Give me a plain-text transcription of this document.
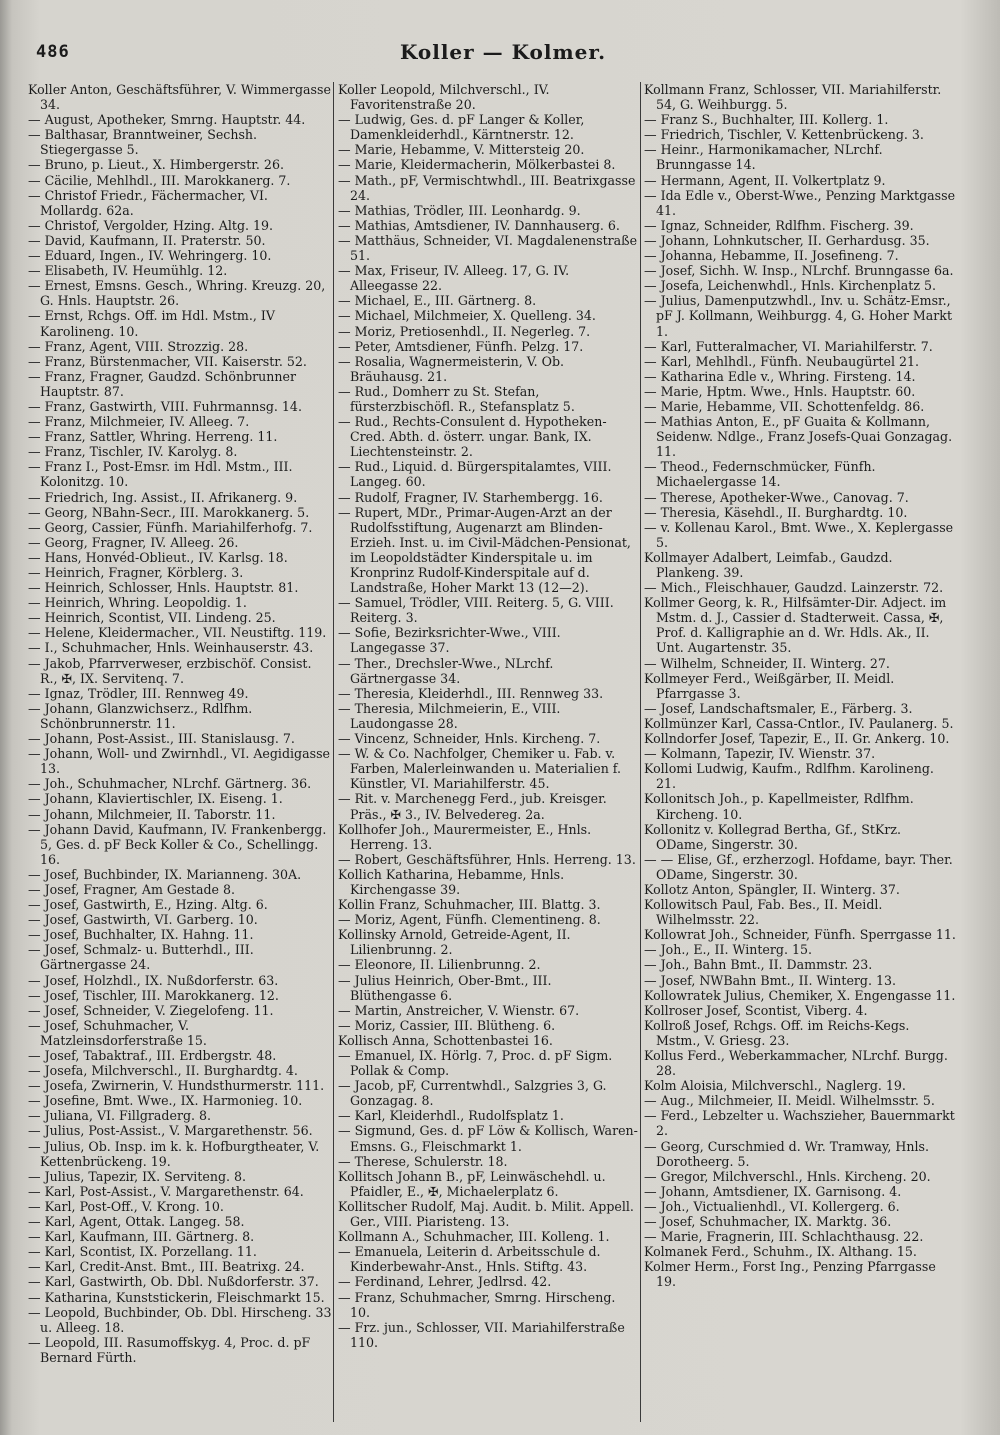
486	Koller — Kolmer.

Koller Anton, Geschäftsführer, V. Wimmergasse 34.

— August, Apotheker, Smrng. Hauptstr. 44.

— Balthasar, Branntweiner, Sechsh. Stiegergasse 5.

— Bruno, p. Lieut., X. Himbergerstr. 26.

— Cäcilie, Mehlhdl., III. Marokkanerg. 7.

— Christof Friedr., Fächermacher, VI. Mollardg. 62a.

— Christof, Vergolder, Hzing. Altg. 19.

— David, Kaufmann, II. Praterstr. 50.

— Eduard, Ingen., IV. Wehringerg. 10.

— Elisabeth, IV. Heumühlg. 12.

— Ernest, Emsns. Gesch., Whring. Kreuzg. 20, G. Hnls. Hauptstr. 26.

— Ernst, Rchgs. Off. im Hdl. Mstm., IV Karolineng. 10.

— Franz, Agent, VIII. Strozzig. 28.

— Franz, Bürstenmacher, VII. Kaiserstr. 52.

— Franz, Fragner, Gaudzd. Schönbrunner Hauptstr. 87.

— Franz, Gastwirth, VIII. Fuhrmannsg. 14.

— Franz, Milchmeier, IV. Alleeg. 7.

— Franz, Sattler, Whring. Herreng. 11.

— Franz, Tischler, IV. Karolyg. 8.

— Franz I., Post-Emsr. im Hdl. Mstm., III. Kolonitzg. 10.

— Friedrich, Ing. Assist., II. Afrikanerg. 9.

— Georg, NBahn-Secr., III. Marokkanerg. 5.

— Georg, Cassier, Fünfh. Mariahilferhofg. 7.

— Georg, Fragner, IV. Alleeg. 26.

— Hans, Honvéd-Oblieut., IV. Karlsg. 18.

— Heinrich, Fragner, Körblerg. 3.

— Heinrich, Schlosser, Hnls. Hauptstr. 81.

— Heinrich, Whring. Leopoldig. 1.

— Heinrich, Scontist, VII. Lindeng. 25.

— Helene, Kleidermacher., VII. Neustiftg. 119.

— I., Schuhmacher, Hnls. Weinhauserstr. 43.

— Jakob, Pfarrverweser, erzbischöf. Consist. R., ✠, IX. Servitenq. 7.

— Ignaz, Trödler, III. Rennweg 49.

— Johann, Glanzwichserz., Rdlfhm. Schönbrunnerstr. 11.

— Johann, Post-Assist., III. Stanislausg. 7.

— Johann, Woll- und Zwirnhdl., VI. Aegidigasse 13.

— Joh., Schuhmacher, NLrchf. Gärtnerg. 36.

— Johann, Klaviertischler, IX. Eiseng. 1.

— Johann, Milchmeier, II. Taborstr. 11.

— Johann David, Kaufmann, IV. Frankenbergg. 5, Ges. d. pF Beck Koller & Co., Schellingg. 16.

— Josef, Buchbinder, IX. Marianneng. 30A.

— Josef, Fragner, Am Gestade 8.

— Josef, Gastwirth, E., Hzing. Altg. 6.

— Josef, Gastwirth, VI. Garberg. 10.

— Josef, Buchhalter, IX. Hahng. 11.

— Josef, Schmalz- u. Butterhdl., III. Gärtnergasse 24.

— Josef, Holzhdl., IX. Nußdorferstr. 63.

— Josef, Tischler, III. Marokkanerg. 12.

— Josef, Schneider, V. Ziegelofeng. 11.

— Josef, Schuhmacher, V. Matzleinsdorferstraße 15.

— Josef, Tabaktraf., III. Erdbergstr. 48.

— Josefa, Milchverschl., II. Burghardtg. 4.

— Josefa, Zwirnerin, V. Hundsthurmerstr. 111.

— Josefine, Bmt. Wwe., IX. Harmonieg. 10.

— Juliana, VI. Fillgraderg. 8.

— Julius, Post-Assist., V. Margarethenstr. 56.

— Julius, Ob. Insp. im k. k. Hofburgtheater, V. Kettenbrückeng. 19.

— Julius, Tapezir, IX. Serviteng. 8.

— Karl, Post-Assist., V. Margarethenstr. 64.

— Karl, Post-Off., V. Krong. 10.

— Karl, Agent, Ottak. Langeg. 58.

— Karl, Kaufmann, III. Gärtnerg. 8.

— Karl, Scontist, IX. Porzellang. 11.

— Karl, Credit-Anst. Bmt., III. Beatrixg. 24.

— Karl, Gastwirth, Ob. Dbl. Nußdorferstr. 37.

— Katharina, Kunststickerin, Fleischmarkt 15.

— Leopold, Buchbinder, Ob. Dbl. Hirscheng. 33 u. Alleeg. 18.

— Leopold, III. Rasumoffskyg. 4, Proc. d. pF Bernard Fürth.

Koller Leopold, Milchverschl., IV. Favoritenstraße 20.

— Ludwig, Ges. d. pF Langer & Koller, Damenkleiderhdl., Kärntnerstr. 12.

— Marie, Hebamme, V. Mittersteig 20.

— Marie, Kleidermacherin, Mölkerbastei 8.

— Math., pF, Vermischtwhdl., III. Beatrixgasse 24.

— Mathias, Trödler, III. Leonhardg. 9.

— Mathias, Amtsdiener, IV. Dannhauserg. 6.

— Matthäus, Schneider, VI. Magdalenenstraße 51.

— Max, Friseur, IV. Alleeg. 17, G. IV. Alleegasse 22.

— Michael, E., III. Gärtnerg. 8.

— Michael, Milchmeier, X. Quelleng. 34.

— Moriz, Pretiosenhdl., II. Negerleg. 7.

— Peter, Amtsdiener, Fünfh. Pelzg. 17.

— Rosalia, Wagnermeisterin, V. Ob. Bräuhausg. 21.

— Rud., Domherr zu St. Stefan, fürsterzbischöfl. R., Stefansplatz 5.

— Rud., Rechts-Consulent d. Hypotheken-Cred. Abth. d. österr. ungar. Bank, IX. Liechtensteinstr. 2.

— Rud., Liquid. d. Bürgerspitalamtes, VIII. Langeg. 60.

— Rudolf, Fragner, IV. Starhembergg. 16.

— Rupert, MDr., Primar-Augen-Arzt an der Rudolfsstiftung, Augenarzt am Blinden-Erzieh. Inst. u. im Civil-Mädchen-Pensionat, im Leopoldstädter Kinderspitale u. im Kronprinz Rudolf-Kinderspitale auf d. Landstraße, Hoher Markt 13 (12—2).

— Samuel, Trödler, VIII. Reiterg. 5, G. VIII. Reiterg. 3.

— Sofie, Bezirksrichter-Wwe., VIII. Langegasse 37.

— Ther., Drechsler-Wwe., NLrchf. Gärtnergasse 34.

— Theresia, Kleiderhdl., III. Rennweg 33.

— Theresia, Milchmeierin, E., VIII. Laudongasse 28.

— Vincenz, Schneider, Hnls. Kircheng. 7.

— W. & Co. Nachfolger, Chemiker u. Fab. v. Farben, Malerleinwanden u. Materialien f. Künstler, VI. Mariahilferstr. 45.

— Rit. v. Marchenegg Ferd., jub. Kreisger. Präs., ✠ 3., IV. Belvedereg. 2a.

Kollhofer Joh., Maurermeister, E., Hnls. Herreng. 13.

— Robert, Geschäftsführer, Hnls. Herreng. 13.

Kollich Katharina, Hebamme, Hnls. Kirchengasse 39.

Kollin Franz, Schuhmacher, III. Blattg. 3.

— Moriz, Agent, Fünfh. Clementineng. 8.

Kollinsky Arnold, Getreide-Agent, II. Lilienbrunng. 2.

— Eleonore, II. Lilienbrunng. 2.

— Julius Heinrich, Ober-Bmt., III. Blüthengasse 6.

— Martin, Anstreicher, V. Wienstr. 67.

— Moriz, Cassier, III. Blütheng. 6.

Kollisch Anna, Schottenbastei 16.

— Emanuel, IX. Hörlg. 7, Proc. d. pF Sigm. Pollak & Comp.

— Jacob, pF, Currentwhdl., Salzgries 3, G. Gonzagag. 8.

— Karl, Kleiderhdl., Rudolfsplatz 1.

— Sigmund, Ges. d. pF Löw & Kollisch, Waren-Emsns. G., Fleischmarkt 1.

— Therese, Schulerstr. 18.

Kollitsch Johann B., pF, Leinwäschehdl. u. Pfaidler, E., ✠, Michaelerplatz 6.

Kollitscher Rudolf, Maj. Audit. b. Milit. Appell. Ger., VIII. Piaristeng. 13.

Kollmann A., Schuhmacher, III. Kolleng. 1.

— Emanuela, Leiterin d. Arbeitsschule d. Kinderbewahr-Anst., Hnls. Stiftg. 43.

— Ferdinand, Lehrer, Jedlrsd. 42.

— Franz, Schuhmacher, Smrng. Hirscheng. 10.

— Frz. jun., Schlosser, VII. Mariahilferstraße 110.

Kollmann Franz, Schlosser, VII. Mariahilferstr. 54, G. Weihburgg. 5.

— Franz S., Buchhalter, III. Kollerg. 1.

— Friedrich, Tischler, V. Kettenbrückeng. 3.

— Heinr., Harmonikamacher, NLrchf. Brunngasse 14.

— Hermann, Agent, II. Volkertplatz 9.

— Ida Edle v., Oberst-Wwe., Penzing Marktgasse 41.

— Ignaz, Schneider, Rdlfhm. Fischerg. 39.

— Johann, Lohnkutscher, II. Gerhardusg. 35.

— Johanna, Hebamme, II. Josefineng. 7.

— Josef, Sichh. W. Insp., NLrchf. Brunngasse 6a.

— Josefa, Leichenwhdl., Hnls. Kirchenplatz 5.

— Julius, Damenputzwhdl., Inv. u. Schätz-Emsr., pF J. Kollmann, Weihburgg. 4, G. Hoher Markt 1.

— Karl, Futteralmacher, VI. Mariahilferstr. 7.

— Karl, Mehlhdl., Fünfh. Neubaugürtel 21.

— Katharina Edle v., Whring. Firsteng. 14.

— Marie, Hptm. Wwe., Hnls. Hauptstr. 60.

— Marie, Hebamme, VII. Schottenfeldg. 86.

— Mathias Anton, E., pF Guaita & Kollmann, Seidenw. Ndlge., Franz Josefs-Quai Gonzagag. 11.

— Theod., Federnschmücker, Fünfh. Michaelergasse 14.

— Therese, Apotheker-Wwe., Canovag. 7.

— Theresia, Käsehdl., II. Burghardtg. 10.

— v. Kollenau Karol., Bmt. Wwe., X. Keplergasse 5.

Kollmayer Adalbert, Leimfab., Gaudzd. Plankeng. 39.

— Mich., Fleischhauer, Gaudzd. Lainzerstr. 72.

Kollmer Georg, k. R., Hilfsämter-Dir. Adject. im Mstm. d. J., Cassier d. Stadterweit. Cassa, ✠, Prof. d. Kalligraphie an d. Wr. Hdls. Ak., II. Unt. Augartenstr. 35.

— Wilhelm, Schneider, II. Winterg. 27.

Kollmeyer Ferd., Weißgärber, II. Meidl. Pfarrgasse 3.

— Josef, Landschaftsmaler, E., Färberg. 3.

Kollmünzer Karl, Cassa-Cntlor., IV. Paulanerg. 5.

Kollndorfer Josef, Tapezir, E., II. Gr. Ankerg. 10.

— Kolmann, Tapezir, IV. Wienstr. 37.

Kollomi Ludwig, Kaufm., Rdlfhm. Karolineng. 21.

Kollonitsch Joh., p. Kapellmeister, Rdlfhm. Kircheng. 10.

Kollonitz v. Kollegrad Bertha, Gf., StKrz. ODame, Singerstr. 30.

— — Elise, Gf., erzherzogl. Hofdame, bayr. Ther. ODame, Singerstr. 30.

Kollotz Anton, Spängler, II. Winterg. 37.

Kollowitsch Paul, Fab. Bes., II. Meidl. Wilhelmsstr. 22.

Kollowrat Joh., Schneider, Fünfh. Sperrgasse 11.

— Joh., E., II. Winterg. 15.

— Joh., Bahn Bmt., II. Dammstr. 23.

— Josef, NWBahn Bmt., II. Winterg. 13.

Kollowratek Julius, Chemiker, X. Engengasse 11.

Kollroser Josef, Scontist, Viberg. 4.

Kollroß Josef, Rchgs. Off. im Reichs-Kegs. Mstm., V. Griesg. 23.

Kollus Ferd., Weberkammacher, NLrchf. Burgg. 28.

Kolm Aloisia, Milchverschl., Naglerg. 19.

— Aug., Milchmeier, II. Meidl. Wilhelmsstr. 5.

— Ferd., Lebzelter u. Wachszieher, Bauernmarkt 2.

— Georg, Curschmied d. Wr. Tramway, Hnls. Dorotheerg. 5.

— Gregor, Milchverschl., Hnls. Kircheng. 20.

— Johann, Amtsdiener, IX. Garnisong. 4.

— Joh., Victualienhdl., VI. Kollergerg. 6.

— Josef, Schuhmacher, IX. Marktg. 36.

— Marie, Fragnerin, III. Schlachthausg. 22.

Kolmanek Ferd., Schuhm., IX. Althang. 15.

Kolmer Herm., Forst Ing., Penzing Pfarrgasse 19.
